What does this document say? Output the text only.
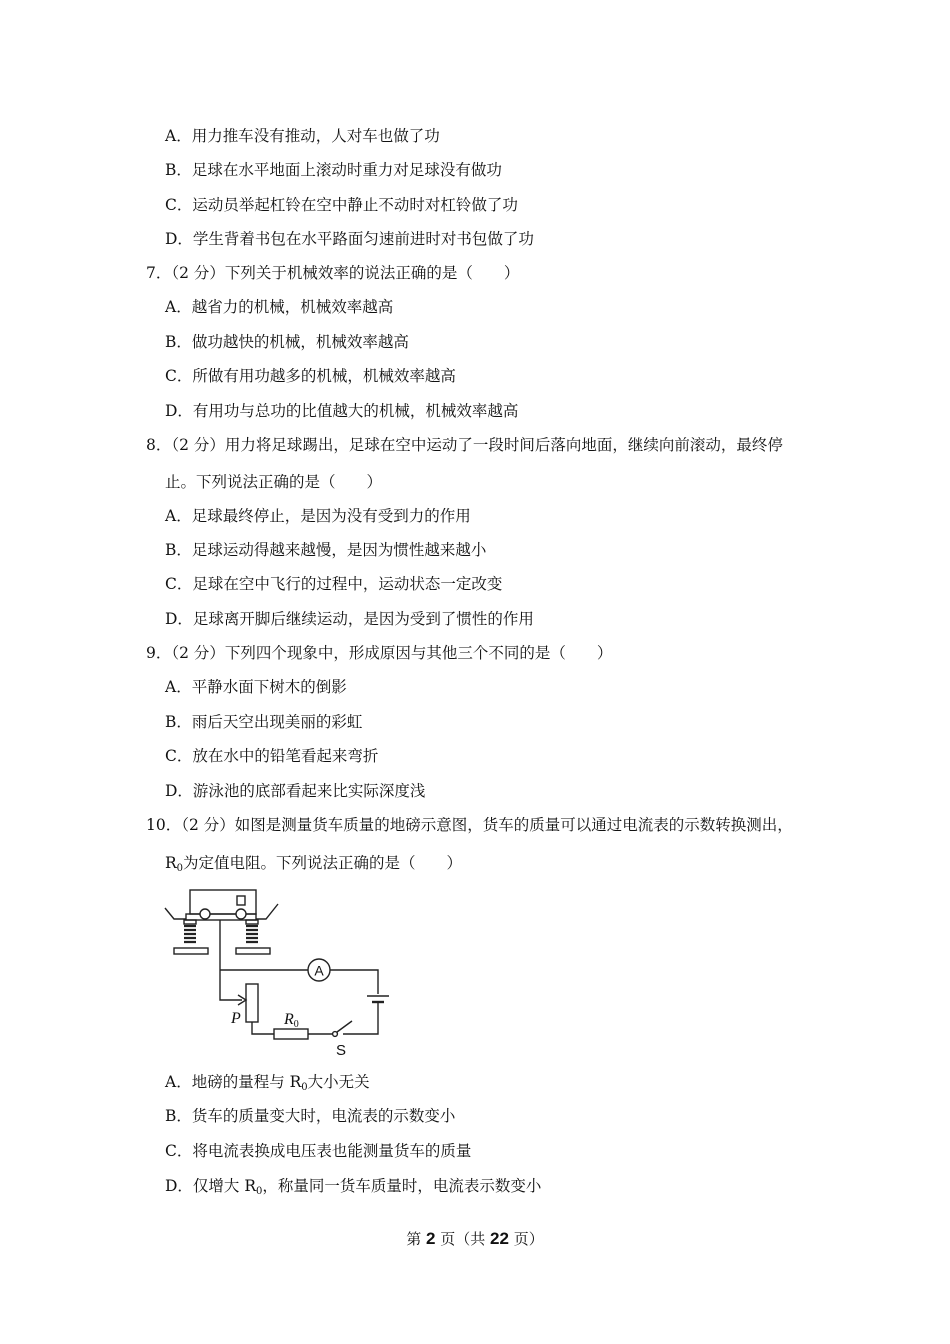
A．用力推车没有推动，人对车也做了功
B．足球在水平地面上滚动时重力对足球没有做功
C．运动员举起杠铃在空中静止不动时对杠铃做了功
D．学生背着书包在水平路面匀速前进时对书包做了功
7．（2 分）下列关于机械效率的说法正确的是（　　）
A．越省力的机械，机械效率越高
B．做功越快的机械，机械效率越高
C．所做有用功越多的机械，机械效率越高
D．有用功与总功的比值越大的机械，机械效率越高
8．（2 分）用力将足球踢出，足球在空中运动了一段时间后落向地面，继续向前滚动，最终停
止。下列说法正确的是（　　）
A．足球最终停止，是因为没有受到力的作用
B．足球运动得越来越慢，是因为惯性越来越小
C．足球在空中飞行的过程中，运动状态一定改变
D．足球离开脚后继续运动，是因为受到了惯性的作用
9．（2 分）下列四个现象中，形成原因与其他三个不同的是（　　）
A．平静水面下树木的倒影
B．雨后天空出现美丽的彩虹
C．放在水中的铅笔看起来弯折
D．游泳池的底部看起来比实际深度浅
10．（2 分）如图是测量货车质量的地磅示意图，货车的质量可以通过电流表的示数转换测出，
$R_0$为定值电阻。下列说法正确的是（　　）
A
P	R0
S
A．地磅的量程与 $R_0$大小无关
B．货车的质量变大时，电流表的示数变小
C．将电流表换成电压表也能测量货车的质量
D．仅增大 $R_0$，称量同一货车质量时，电流表示数变小
第 2 页（共 22 页）
